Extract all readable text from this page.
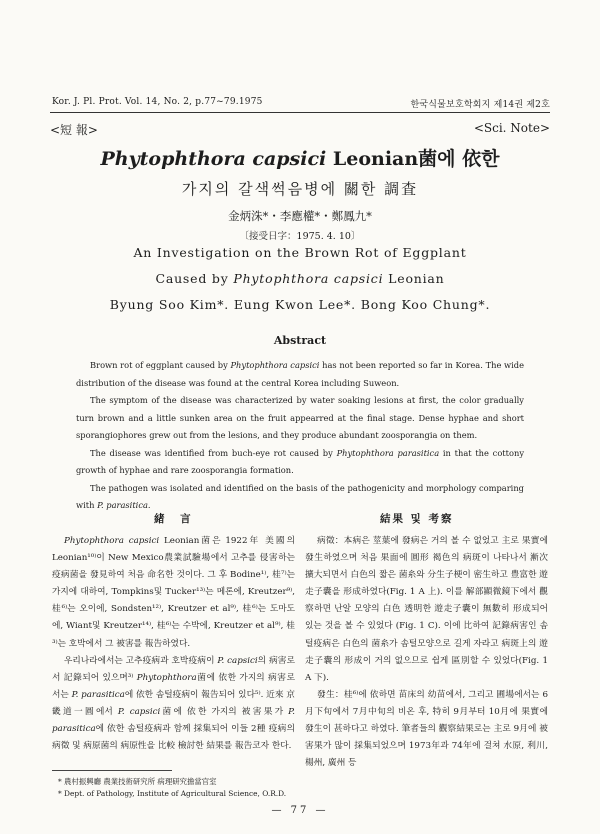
Kor. J. Pl. Prot. Vol. 14, No. 2, p.77~79.1975	한국식물보호학회지 제14권 제2호
<短 報>	<Sci. Note>
Phytophthora capsici Leonian菌에 依한
가지의 갈색썩음병에 關한 調査
金炳洙*・李應權*・鄭鳳九*
〔接受日字：1975. 4. 10〕
An Investigation on the Brown Rot of Eggplant
Caused by Phytophthora capsici Leonian
Byung Soo Kim*. Eung Kwon Lee*. Bong Koo Chung*.
Abstract

Brown rot of eggplant caused by Phytophthora capsici has not been reported so far in Korea. The wide distribution of the disease was found at the central Korea including Suweon.

The symptom of the disease was characterized by water soaking lesions at first, the color gradually turn brown and a little sunken area on the fruit appearred at the final stage. Dense hyphae and short sporangiophores grew out from the lesions, and they produce abundant zoosporangia on them.

The disease was identified from buch-eye rot caused by Phytophthora parasitica in that the cottony growth of hyphae and rare zoosporangia formation.

The pathogen was isolated and identified on the basis of the pathogenicity and morphology comparing with P. parasitica.

緒 言	結果 및 考察

Phytophthora capsici Leonian菌은 1922年 美國의 Leonian¹⁰⁾이 New Mexico農業試驗場에서 고추를 侵害하는 疫病菌을 發見하여 처음 命名한 것이다. 그 후 Bodine¹⁾, 桂⁷⁾는 가지에 대하여, Tompkins및 Tucker¹³⁾는 메론에, Kreutzer⁹⁾, 桂⁶⁾는 오이에, Sondsten¹²⁾, Kreutzer et al⁹⁾, 桂⁶⁾는 도마도에, Wiant및 Kreutzer¹⁴⁾, 桂⁶⁾는 수박에, Kreutzer et al⁹⁾, 桂³⁾는 호박에서 그 被害를 報告하였다.

우리나라에서는 고추疫病과 호박疫病이 P. capsici의 病害로서 記錄되어 있으며³⁾ Phytophthora菌에 依한 가지의 病害로서는 P. parasitica에 依한 솜털疫病이 報告되어 있다⁵⁾. 近來 京畿道一圓에서 P. capsici菌에 依한 가지의 被害果가 P. parasitica에 依한 솜털疫病과 함께 採集되어 이들 2種 疫病의 病徵 및 病原菌의 病原性을 比較 檢討한 結果를 報告코자 한다.

病徵：本病은 莖葉에 發病은 거의 볼 수 없었고 主로 果實에 發生하였으며 처음 果面에 圓形 褐色의 病斑이 나타나서 漸次 擴大되면서 白色의 짧은 菌糸와 分生子梗이 密生하고 豊富한 遊走子囊을 形成하였다(Fig. 1 A 上). 이를 解部顯微鏡下에서 觀察하면 난알 모양의 白色 透明한 遊走子囊이 無數히 形成되어 있는 것을 볼 수 있었다 (Fig. 1 C). 이에 比하여 記錄病害인 솜털疫病은 白色의 菌糸가 솜털모양으로 길게 자라고 病斑上의 遊走子囊의 形成이 거의 없으므로 쉽게 區別할 수 있었다(Fig. 1 A 下).

發生：桂⁶⁾에 依하면 苗床의 幼苗에서, 그리고 圃場에서는 6月下旬에서 7月中旬의 비온 후, 特히 9月부터 10月에 果實에 發生이 甚하다고 하였다. 筆者들의 觀察結果로는 主로 9月에 被害果가 많이 採集되었으며 1973年과 74年에 걸쳐 水原, 利川, 楊州, 廣州 등

* 農村振興廳 農業技術研究所 病理研究擔當官室
* Dept. of Pathology, Institute of Agricultural Science, O.R.D.
— 77 —
